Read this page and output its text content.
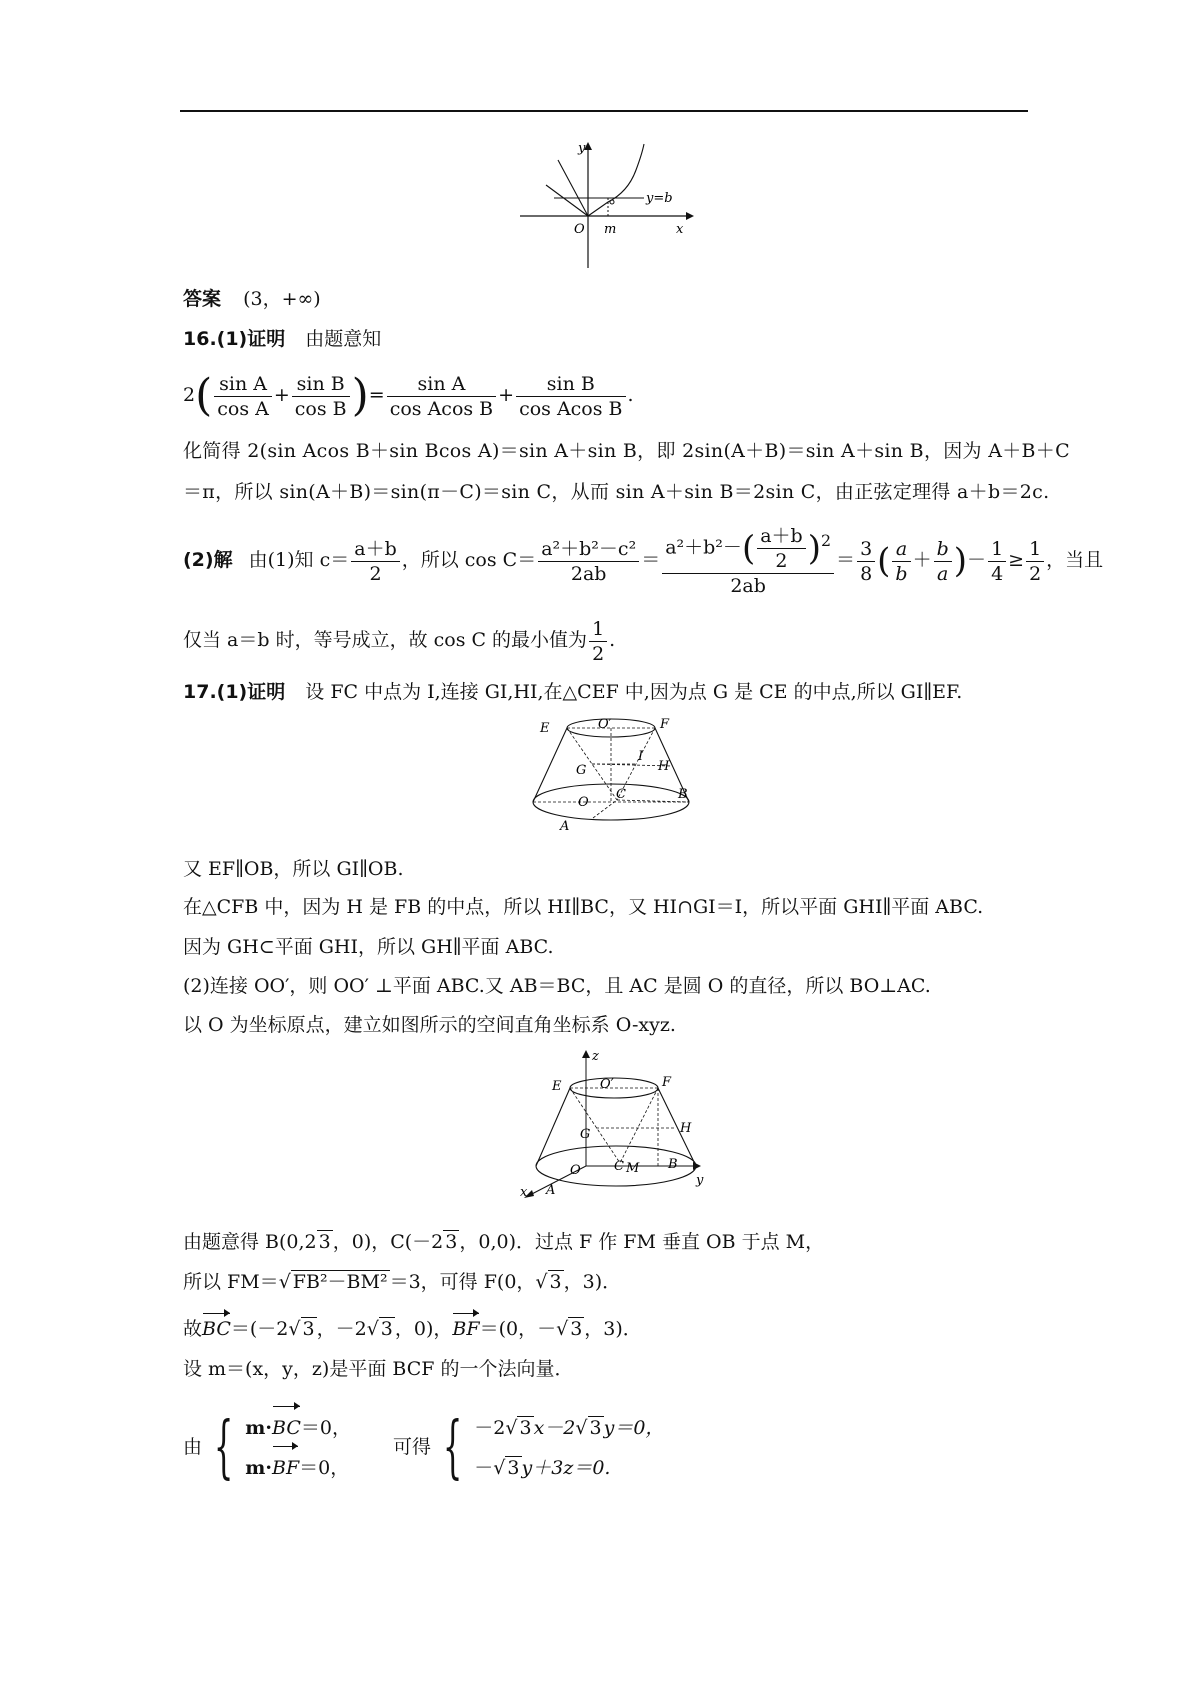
y
y=b
O m	x
答案 (3，+∞)
16.(1)证明 由题意知
$2( \frac{\text{sin A}}{\text{cos A}} + \frac{\text{sin B}}{\text{cos B}}$ )= $\frac{\text{sin A}}{\text{cos Acos B}} + \frac{\text{sin B}}{\text{cos Acos B}}$ .
化简得 2(sin Acos B＋sin Bcos A)＝sin A＋sin B，即 2sin(A＋B)＝sin A＋sin B，因为 A＋B＋C
＝π，所以 sin(A＋B)＝sin(π－C)＝sin C，从而 sin A＋sin B＝2sin C，由正弦定理得 a＋b＝2c.
(2)解 由(1)知 $c= \frac{a+b}{2}$ ，所以 $\cos C= \frac{\text{a²＋b²－c²}}{2ab} = \frac{a^2+b^2-( \frac{a+b}{2} )^2}{2ab} = \frac{3}{8}$ ( $\frac{a}{b} + \frac{b}{a}$ )－ $\frac{1}{4} \ge \frac{1}{2}$ ，当且
仅当 a＝b 时，等号成立，故 cos C 的最小值为 $\frac{1}{2}$ .
17.(1)证明 设 FC 中点为 I,连接 GI,HI,在△CEF 中,因为点 G 是 CE 的中点,所以 GI∥EF.
E	O′	F
I
G	H
O
C	B
A
又 EF∥OB，所以 GI∥OB.
在△CFB 中，因为 H 是 FB 的中点，所以 HI∥BC，又 HI∩GI＝I，所以平面 GHI∥平面 ABC.
因为 GH⊂平面 GHI，所以 GH∥平面 ABC.
(2)连接 OO′，则 OO′ ⊥平面 ABC.又 AB＝BC，且 AC 是圆 O 的直径，所以 BO⊥AC.
以 O 为坐标原点，建立如图所示的空间直角坐标系 O-xyz.
z
E	O′	F
G	H
O	C M B
y
x A
由题意得 B(0,2 3 ，0)，C(－2 3 ，0,0)．过点 F 作 FM 垂直 OB 于点 M，
所以 FM＝√ FB²－BM² ＝3，可得 F(0，√ 3 ，3)．
故BC＝(－2√ 3 ，－2√ 3 ，0)，BF＝(0，－√ 3 ，3)．
设 m＝(x，y，z)是平面 BCF 的一个法向量．
由 { m·BC＝0，
m·BF＝0，
可得 { －2√ 3 x－2√ 3 y＝0，
－√ 3 y＋3z＝0.
